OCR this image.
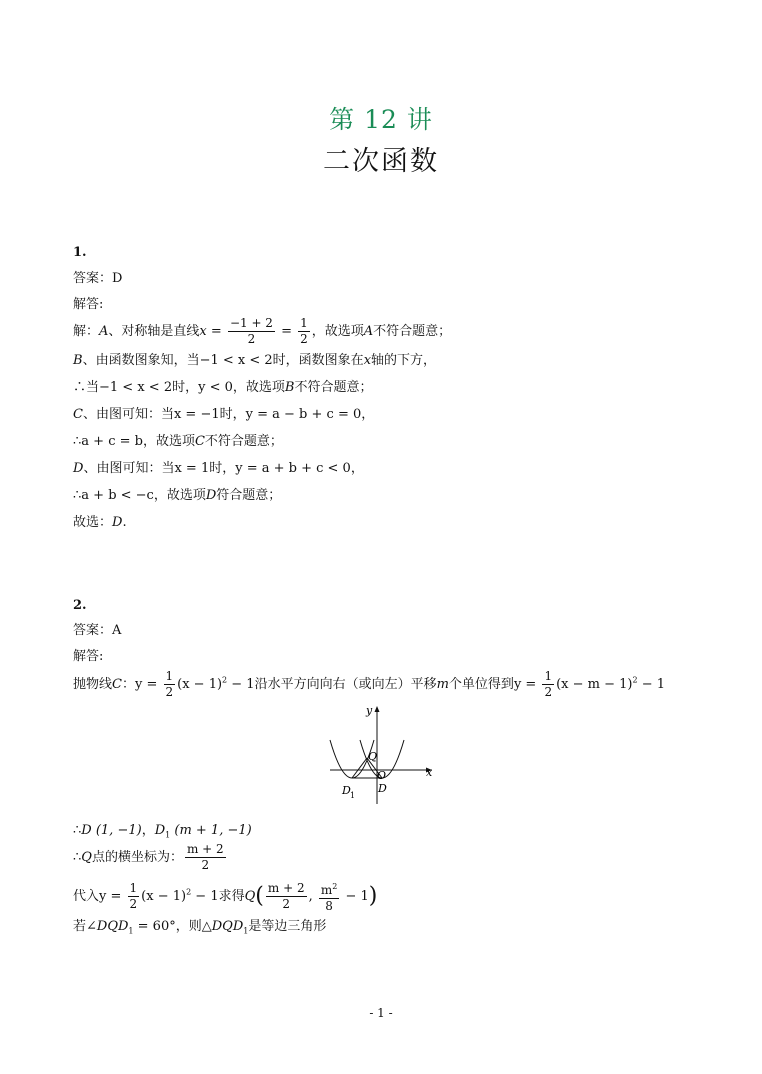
第 12 讲
二次函数
1.
答案：D
解答:
解：A、对称轴是直线$x = \frac{-1 + 2}{2} = \frac{1}{2}$ ，故选项A不符合题意；
B、由函数图象知，当−1 < x < 2时，函数图象在x轴的下方，
∴当−1 < x < 2时，y < 0，故选项B不符合题意；
C、由图可知：当x = −1时，y = a − b + c = 0，
∴a + c = b，故选项C不符合题意；
D、由图可知：当x = 1时，y = a + b + c < 0，
∴a + b < −c，故选项D符合题意；
故选：D.
2.
答案：A
解答:
抛物线C：$y = \frac{1}{2} (x - 1)^2 - 1$沿水平方向向右（或向左）平移m个单位得到$y = \frac{1}{2} (x - m - 1)^2 - 1$
y
x
Q
O
D
D 1
∴D (1, −1)，$D_1$ (m + 1, −1)
∴Q点的横坐标为： $\frac{m + 2}{2}$
代入$y = \frac{1}{2} (x - 1)^2 - 1$求得$Q( \frac{m + 2}{2}$ , $\frac{m^2}{8} - 1$)
若$\angle DQD_1 = 60^\circ$，则$\triangle DQD_1$是等边三角形
- 1 -
